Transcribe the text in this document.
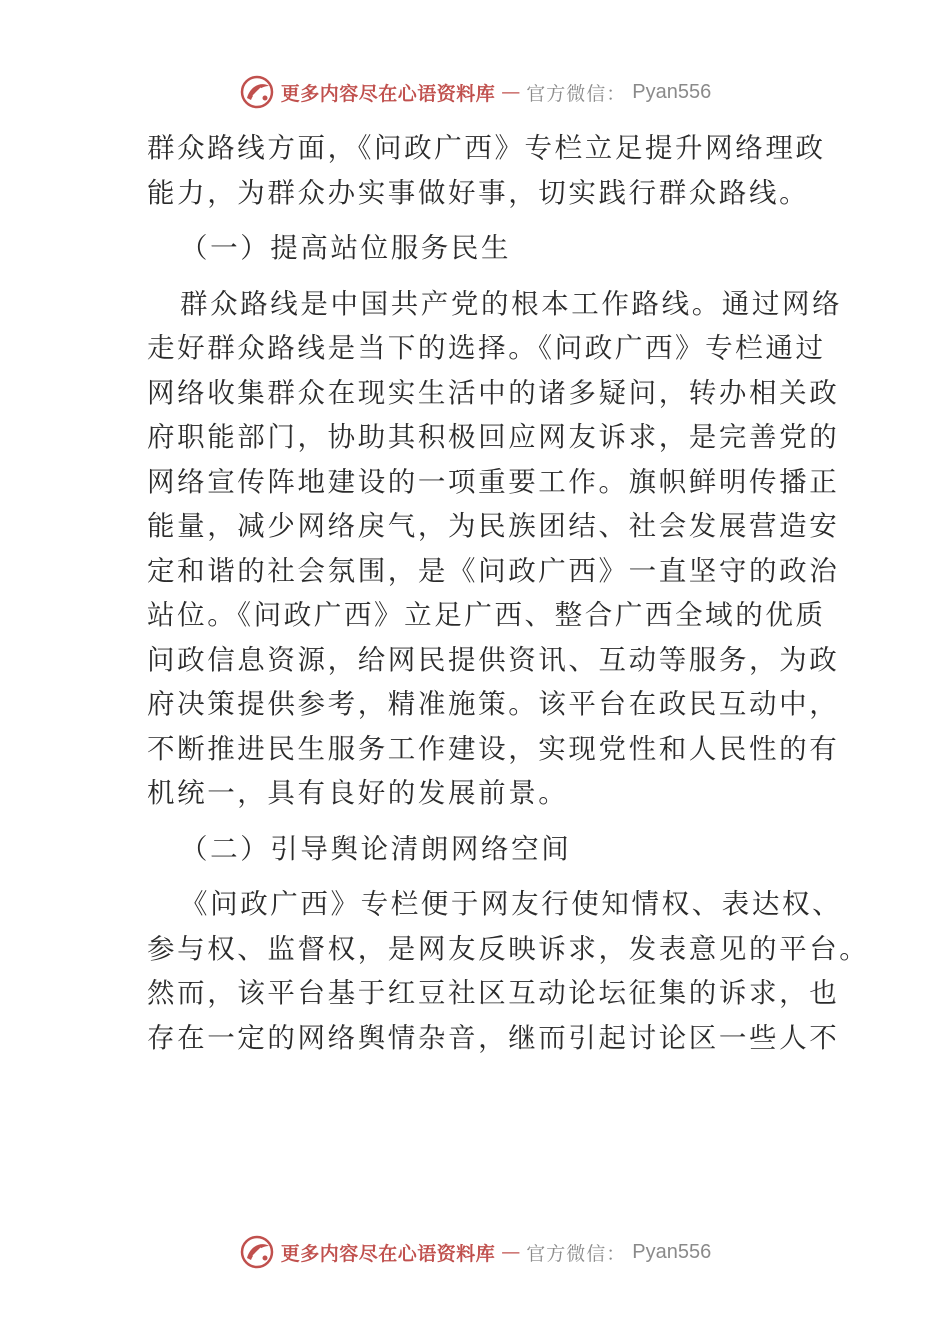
更多内容尽在心语资料库 — 官方微信： Pyan556

群众路线方面，《问政广西》专栏立足提升网络理政

能力，为群众办实事做好事，切实践行群众路线。

（一）提高站位服务民生

群众路线是中国共产党的根本工作路线。通过网络

走好群众路线是当下的选择。《问政广西》专栏通过

网络收集群众在现实生活中的诸多疑问，转办相关政

府职能部门，协助其积极回应网友诉求，是完善党的

网络宣传阵地建设的一项重要工作。旗帜鲜明传播正

能量，减少网络戾气，为民族团结、社会发展营造安

定和谐的社会氛围，是《问政广西》一直坚守的政治

站位。《问政广西》立足广西、整合广西全域的优质

问政信息资源，给网民提供资讯、互动等服务，为政

府决策提供参考，精准施策。该平台在政民互动中，

不断推进民生服务工作建设，实现党性和人民性的有

机统一，具有良好的发展前景。

（二）引导舆论清朗网络空间

《问政广西》专栏便于网友行使知情权、表达权、

参与权、监督权，是网友反映诉求，发表意见的平台。

然而，该平台基于红豆社区互动论坛征集的诉求，也

存在一定的网络舆情杂音，继而引起讨论区一些人不

更多内容尽在心语资料库 — 官方微信： Pyan556
